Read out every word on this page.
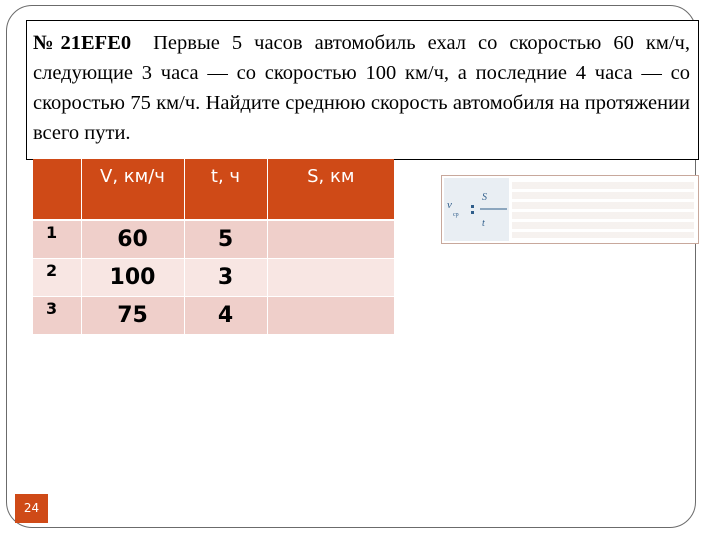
№21EFE0 Первые 5 часов автомобиль ехал со скоростью 60 км/ч, следующие 3 часа — со скоростью 100 км/ч, а последние 4 часа — со скоростью 75 км/ч. Найдите среднюю скорость автомобиля на протяжении всего пути.
	V, км/ч	t, ч	S, км
1	60	5	
2	100	3	
3	75	4	
v
ср
S
t
24
